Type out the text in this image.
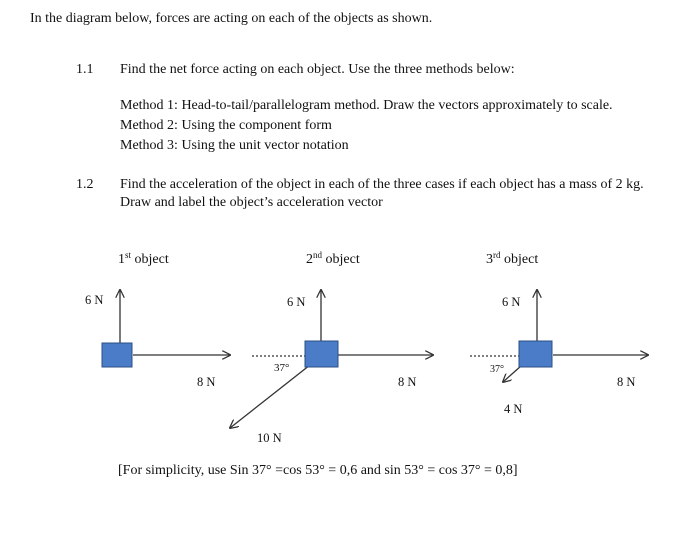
In the diagram below, forces are acting on each of the objects as shown.
1.1 Find the net force acting on each object. Use the three methods below:
Method 1: Head-to-tail/parallelogram method. Draw the vectors approximately to scale.
Method 2: Using the component form
Method 3: Using the unit vector notation
1.2 Find the acceleration of the object in each of the three cases if each object has a mass of 2 kg.
Draw and label the object’s acceleration vector
1st object	2nd object	3rd object
6 N
8 N
10 N
6 N
37°
8 N
6 N
37°
8 N
4 N
[For simplicity, use Sin 37° =cos 53° = 0,6 and sin 53° = cos 37° = 0,8]
